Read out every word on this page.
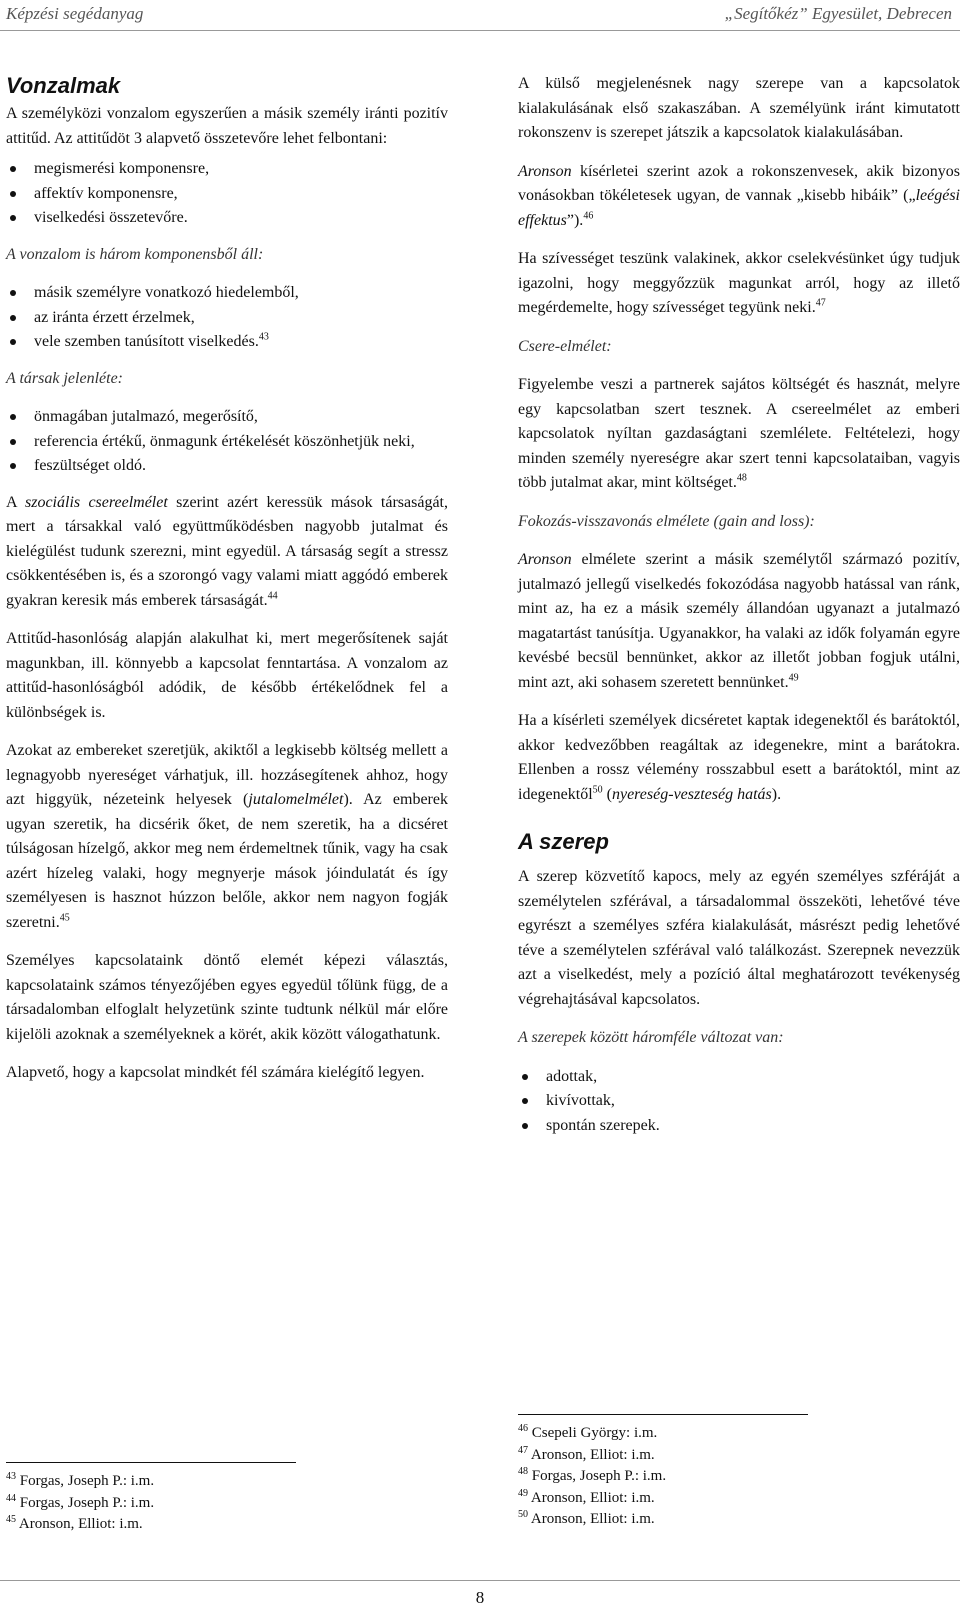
Képzési segédanyag	„Segítőkéz” Egyesület, Debrecen
Vonzalmak

A személyközi vonzalom egyszerűen a másik személy iránti pozitív attitűd. Az attitűdöt 3 alapvető összetevőre lehet felbontani:

megismerési komponensre,
affektív komponensre,
viselkedési összetevőre.

A vonzalom is három komponensből áll:

másik személyre vonatkozó hiedelemből,
az iránta érzett érzelmek,
vele szemben tanúsított viselkedés.$^{43}$

A társak jelenléte:

önmagában jutalmazó, megerősítő,
referencia értékű, önmagunk értékelését köszönhetjük neki,
feszültséget oldó.

A szociális csereelmélet szerint azért keressük mások társaságát, mert a társakkal való együttműködésben nagyobb jutalmat és kielégülést tudunk szerezni, mint egyedül. A társaság segít a stressz csökkentésében is, és a szorongó vagy valami miatt aggódó emberek gyakran keresik más emberek társaságát.$^{44}$

Attitűd-hasonlóság alapján alakulhat ki, mert megerősítenek saját magunkban, ill. könnyebb a kapcsolat fenntartása. A vonzalom az attitűd-hasonlóságból adódik, de később értékelődnek fel a különbségek is.

Azokat az embereket szeretjük, akiktől a legkisebb költség mellett a legnagyobb nyereséget várhatjuk, ill. hozzásegítenek ahhoz, hogy azt higgyük, nézeteink helyesek (jutalomelmélet). Az emberek ugyan szeretik, ha dicsérik őket, de nem szeretik, ha a dicséret túlságosan hízelgő, akkor meg nem érdemeltnek tűnik, vagy ha csak azért hízeleg valaki, hogy megnyerje mások jóindulatát és így személyesen is hasznot húzzon belőle, akkor nem nagyon fogják szeretni.$^{45}$

Személyes kapcsolataink döntő elemét képezi választás, kapcsolataink számos tényezőjében egyes egyedül tőlünk függ, de a társadalomban elfoglalt helyzetünk szinte tudtunk nélkül már előre kijelöli azoknak a személyeknek a körét, akik között válogathatunk.

Alapvető, hogy a kapcsolat mindkét fél számára kielégítő legyen.

A külső megjelenésnek nagy szerepe van a kapcsolatok kialakulásának első szakaszában. A személyünk iránt kimutatott rokonszenv is szerepet játszik a kapcsolatok kialakulásában.

Aronson kísérletei szerint azok a rokonszenvesek, akik bizonyos vonásokban tökéletesek ugyan, de vannak „kisebb hibáik” („leégési effektus”).$^{46}$

Ha szívességet teszünk valakinek, akkor cselekvésünket úgy tudjuk igazolni, hogy meggyőzzük magunkat arról, hogy az illető megérdemelte, hogy szívességet tegyünk neki.$^{47}$

Csere-elmélet:

Figyelembe veszi a partnerek sajátos költségét és hasznát, melyre egy kapcsolatban szert tesznek. A csereelmélet az emberi kapcsolatok nyíltan gazdaságtani szemlélete. Feltételezi, hogy minden személy nyereségre akar szert tenni kapcsolataiban, vagyis több jutalmat akar, mint költséget.$^{48}$

Fokozás-visszavonás elmélete (gain and loss):

Aronson elmélete szerint a másik személytől származó pozitív, jutalmazó jellegű viselkedés fokozódása nagyobb hatással van ránk, mint az, ha ez a másik személy állandóan ugyanazt a jutalmazó magatartást tanúsítja. Ugyanakkor, ha valaki az idők folyamán egyre kevésbé becsül bennünket, akkor az illetőt jobban fogjuk utálni, mint azt, aki sohasem szeretett bennünket.$^{49}$

Ha a kísérleti személyek dicséretet kaptak idegenektől és barátoktól, akkor kedvezőbben reagáltak az idegenekre, mint a barátokra. Ellenben a rossz vélemény rosszabbul esett a barátoktól, mint az idegenektől$^{50}$ (nyereség-veszteség hatás).

A szerep

A szerep közvetítő kapocs, mely az egyén személyes szféráját a személytelen szférával, a társadalommal összeköti, lehetővé téve egyrészt a személyes szféra kialakulását, másrészt pedig lehetővé téve a személytelen szférával való találkozást. Szerepnek nevezzük azt a viselkedést, mely a pozíció által meghatározott tevékenység végrehajtásával kapcsolatos.

A szerepek között háromféle változat van:

adottak,
kivívottak,
spontán szerepek.
$^{43}$ Forgas, Joseph P.: i.m.
$^{44}$ Forgas, Joseph P.: i.m.
$^{45}$ Aronson, Elliot: i.m.
$^{46}$ Csepeli György: i.m.
$^{47}$ Aronson, Elliot: i.m.
$^{48}$ Forgas, Joseph P.: i.m.
$^{49}$ Aronson, Elliot: i.m.
$^{50}$ Aronson, Elliot: i.m.
8
